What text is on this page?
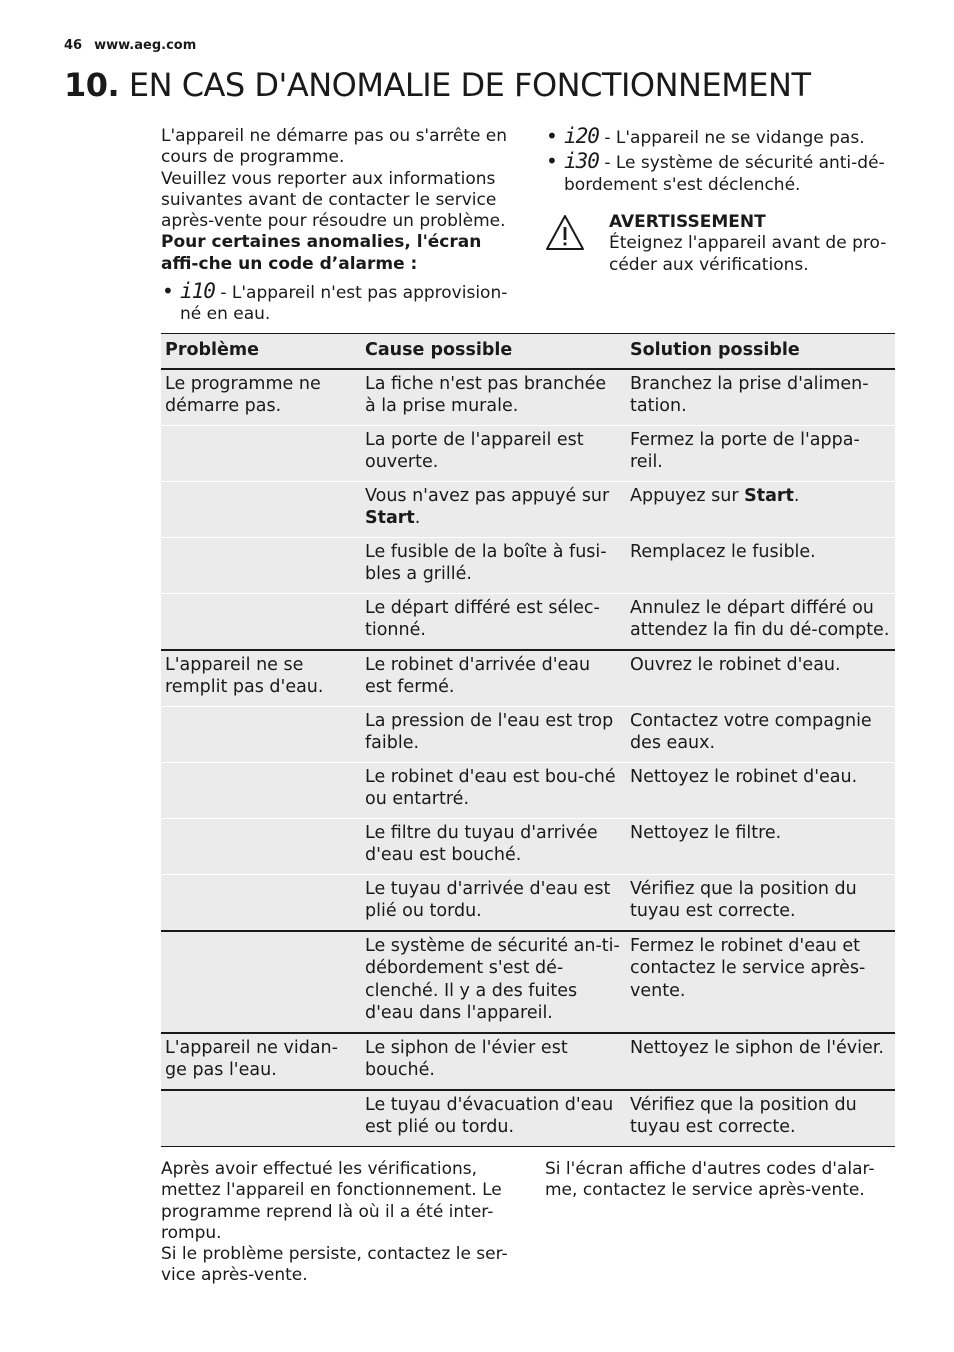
46 www.aeg.com
10. EN CAS D'ANOMALIE DE FONCTIONNEMENT

L'appareil ne démarre pas ou s'arrête en cours de programme.

Veuillez vous reporter aux informations suivantes avant de contacter le service après-vente pour résoudre un problème.

Pour certaines anomalies, l'écran affi-che un code d’alarme :

• i10 - L'appareil n'est pas approvision-né en eau.
• i20 - L'appareil ne se vidange pas.
• i30 - Le système de sécurité anti-dé-bordement s'est déclenché.
AVERTISSEMENT
Éteignez l'appareil avant de pro-céder aux vérifications.
Problème	Cause possible	Solution possible
Le programme ne démarre pas.	La fiche n'est pas branchée à la prise murale.	Branchez la prise d'alimen-tation.
	La porte de l'appareil est ouverte.	Fermez la porte de l'appa-reil.
	Vous n'avez pas appuyé sur Start.	Appuyez sur Start.
	Le fusible de la boîte à fusi-bles a grillé.	Remplacez le fusible.
	Le départ différé est sélec-tionné.	Annulez le départ différé ou attendez la fin du dé-compte.
L'appareil ne se remplit pas d'eau.	Le robinet d'arrivée d'eau est fermé.	Ouvrez le robinet d'eau.
	La pression de l'eau est trop faible.	Contactez votre compagnie des eaux.
	Le robinet d'eau est bou-ché ou entartré.	Nettoyez le robinet d'eau.
	Le filtre du tuyau d'arrivée d'eau est bouché.	Nettoyez le filtre.
	Le tuyau d'arrivée d'eau est plié ou tordu.	Vérifiez que la position du tuyau est correcte.
	Le système de sécurité an-ti-débordement s'est dé-clenché. Il y a des fuites d'eau dans l'appareil.	Fermez le robinet d'eau et contactez le service après-vente.
L'appareil ne vidan-ge pas l'eau.	Le siphon de l'évier est bouché.	Nettoyez le siphon de l'évier.
	Le tuyau d'évacuation d'eau est plié ou tordu.	Vérifiez que la position du tuyau est correcte.

Après avoir effectué les vérifications, mettez l'appareil en fonctionnement. Le programme reprend là où il a été inter-rompu.

Si le problème persiste, contactez le ser-vice après-vente.

Si l'écran affiche d'autres codes d'alar-me, contactez le service après-vente.
